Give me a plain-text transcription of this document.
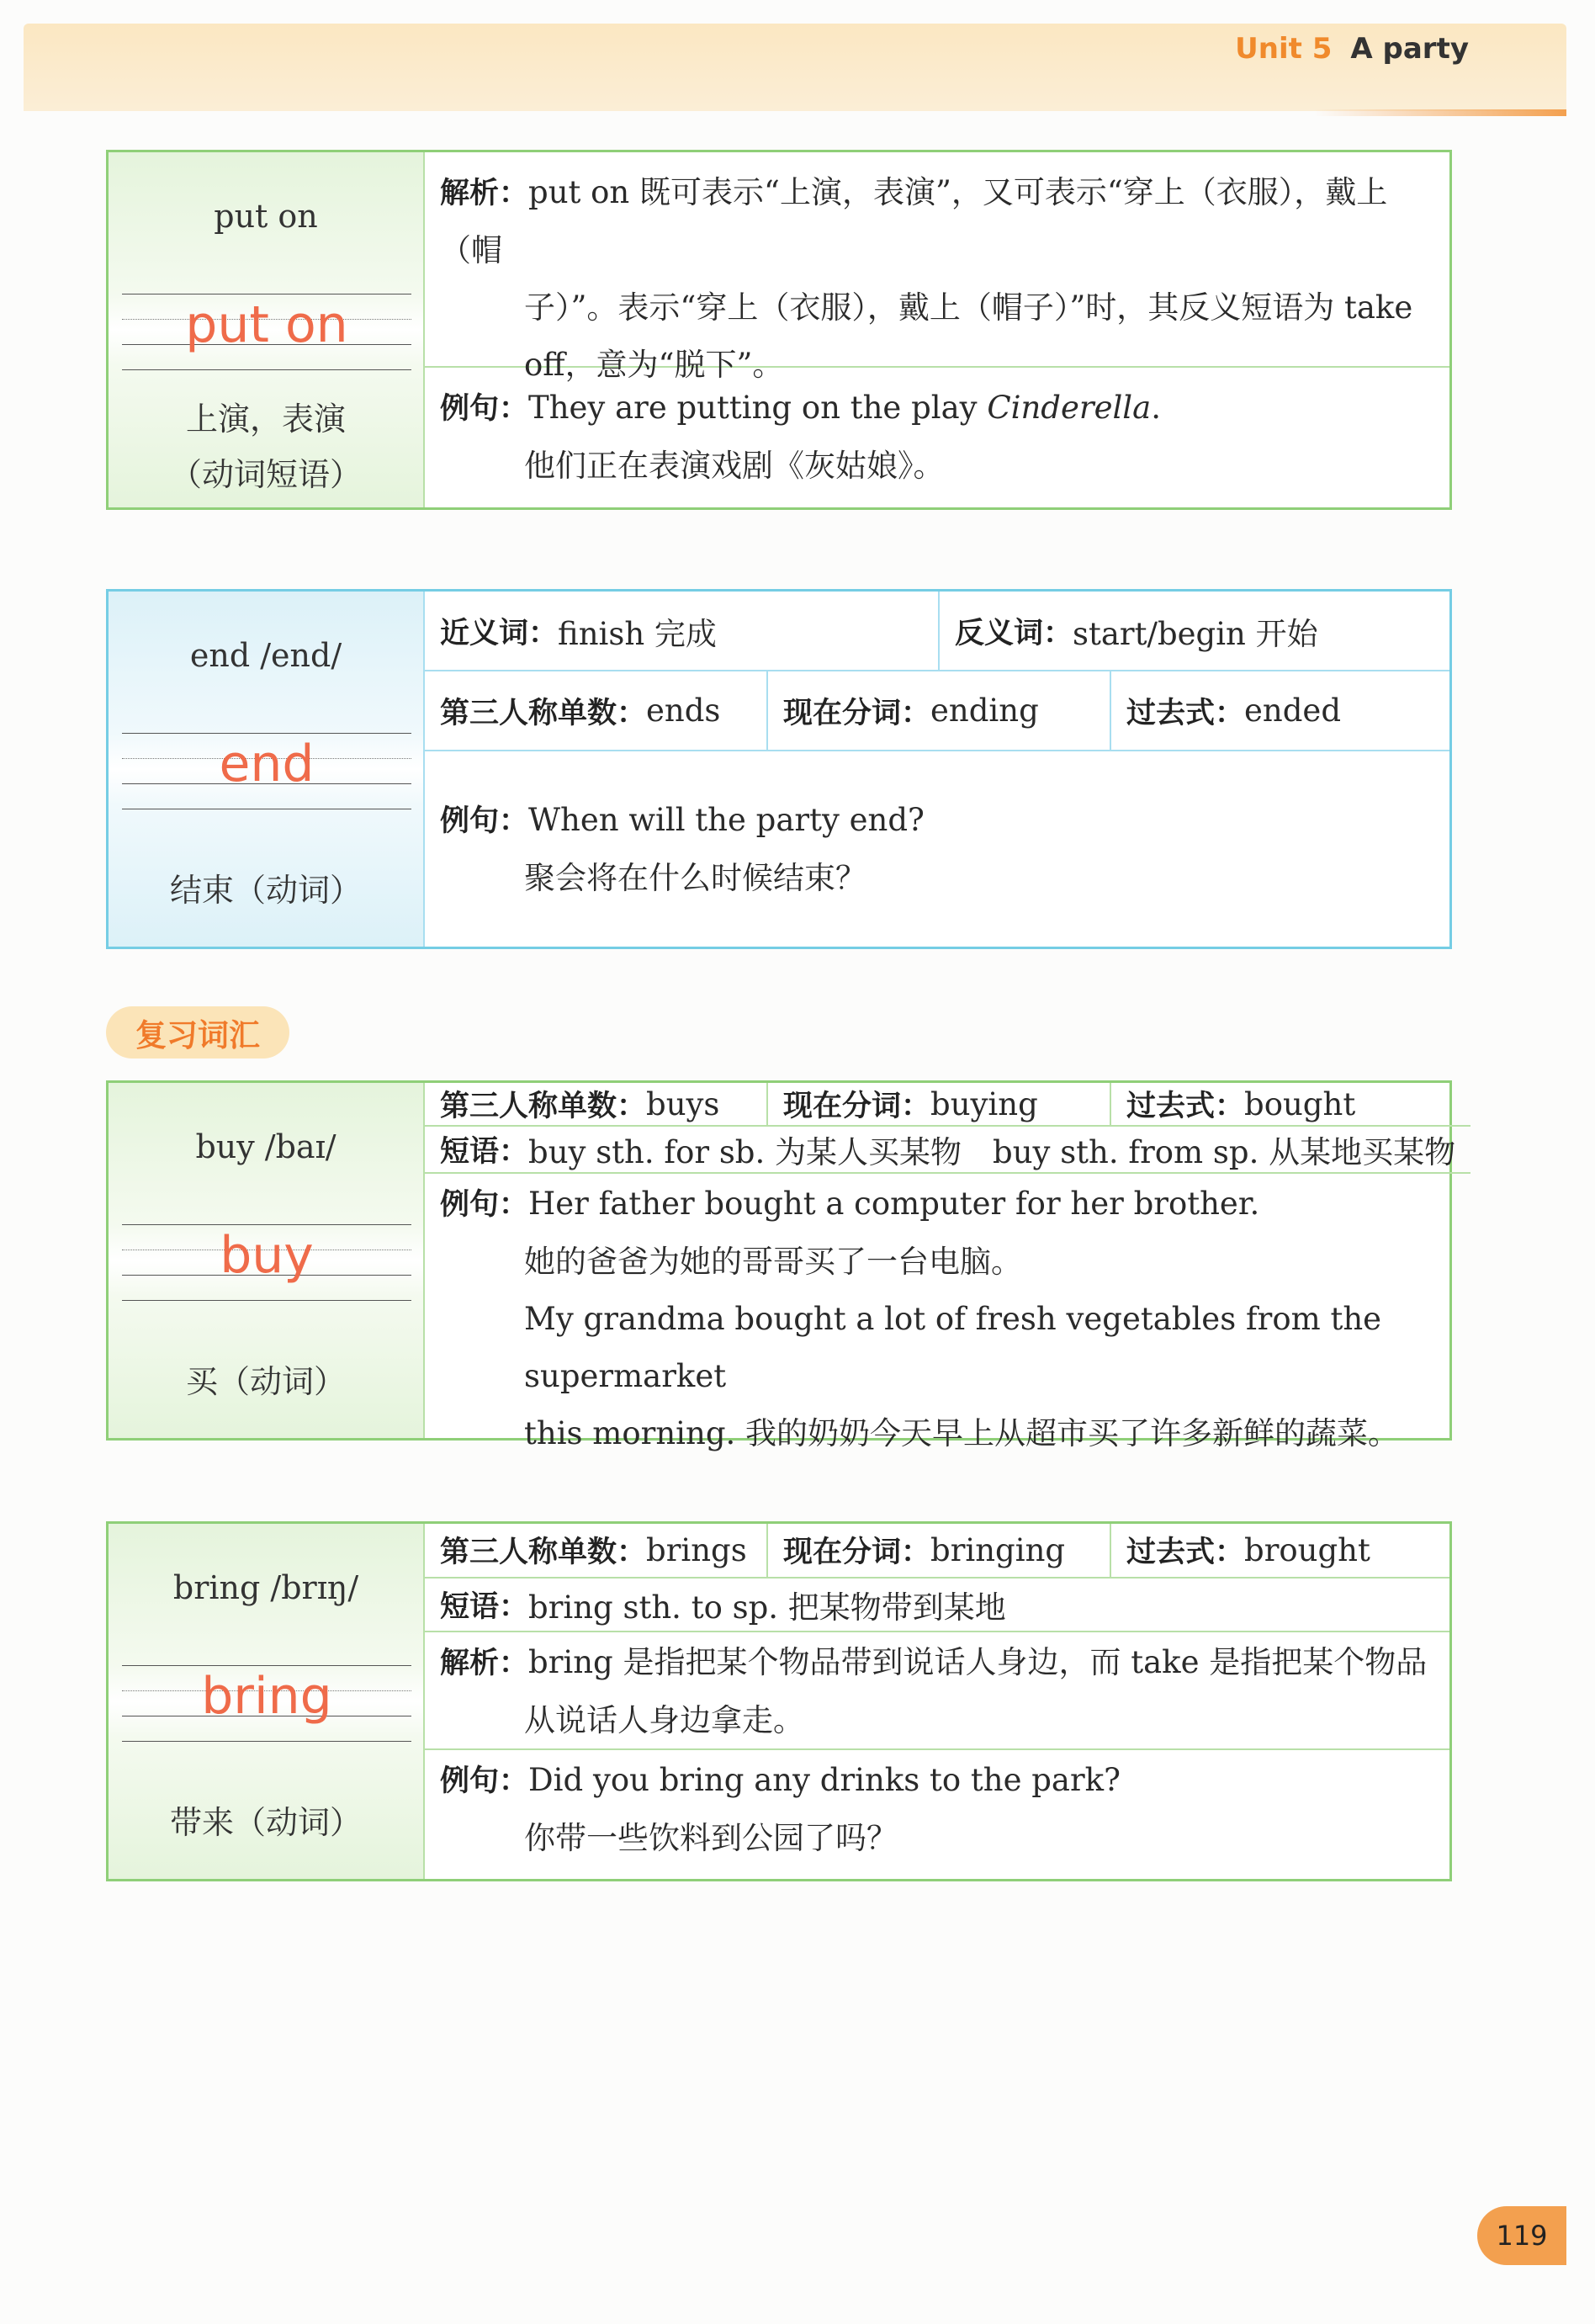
Unit 5 A party
put on
put on
上演，表演
（动词短语）
解析：put on 既可表示“上演，表演”，又可表示“穿上（衣服），戴上（帽
子）”。表示“穿上（衣服），戴上（帽子）”时，其反义短语为 take
off，意为“脱下”。
例句：They are putting on the play Cinderella.
他们正在表演戏剧《灰姑娘》。
end /end/
end
结束（动词）
近义词： finish 完成	反义词： start/begin 开始
第三人称单数： ends 现在分词： ending	过去式： ended
例句：When will the party end?
聚会将在什么时候结束？
复习词汇
buy /baɪ/
buy
买（动词）
第三人称单数： buys 现在分词： buying	过去式： bought
短语： buy sth. for sb. 为某人买某物　buy sth. from sp. 从某地买某物
例句：Her father bought a computer for her brother.
她的爸爸为她的哥哥买了一台电脑。
My grandma bought a lot of fresh vegetables from the supermarket
this morning. 我的奶奶今天早上从超市买了许多新鲜的蔬菜。
bring /brɪŋ/
bring
带来（动词）
第三人称单数： brings 现在分词： bringing 过去式： brought
短语： bring sth. to sp. 把某物带到某地
解析：bring 是指把某个物品带到说话人身边，而 take 是指把某个物品
从说话人身边拿走。
例句：Did you bring any drinks to the park?
你带一些饮料到公园了吗？
119
